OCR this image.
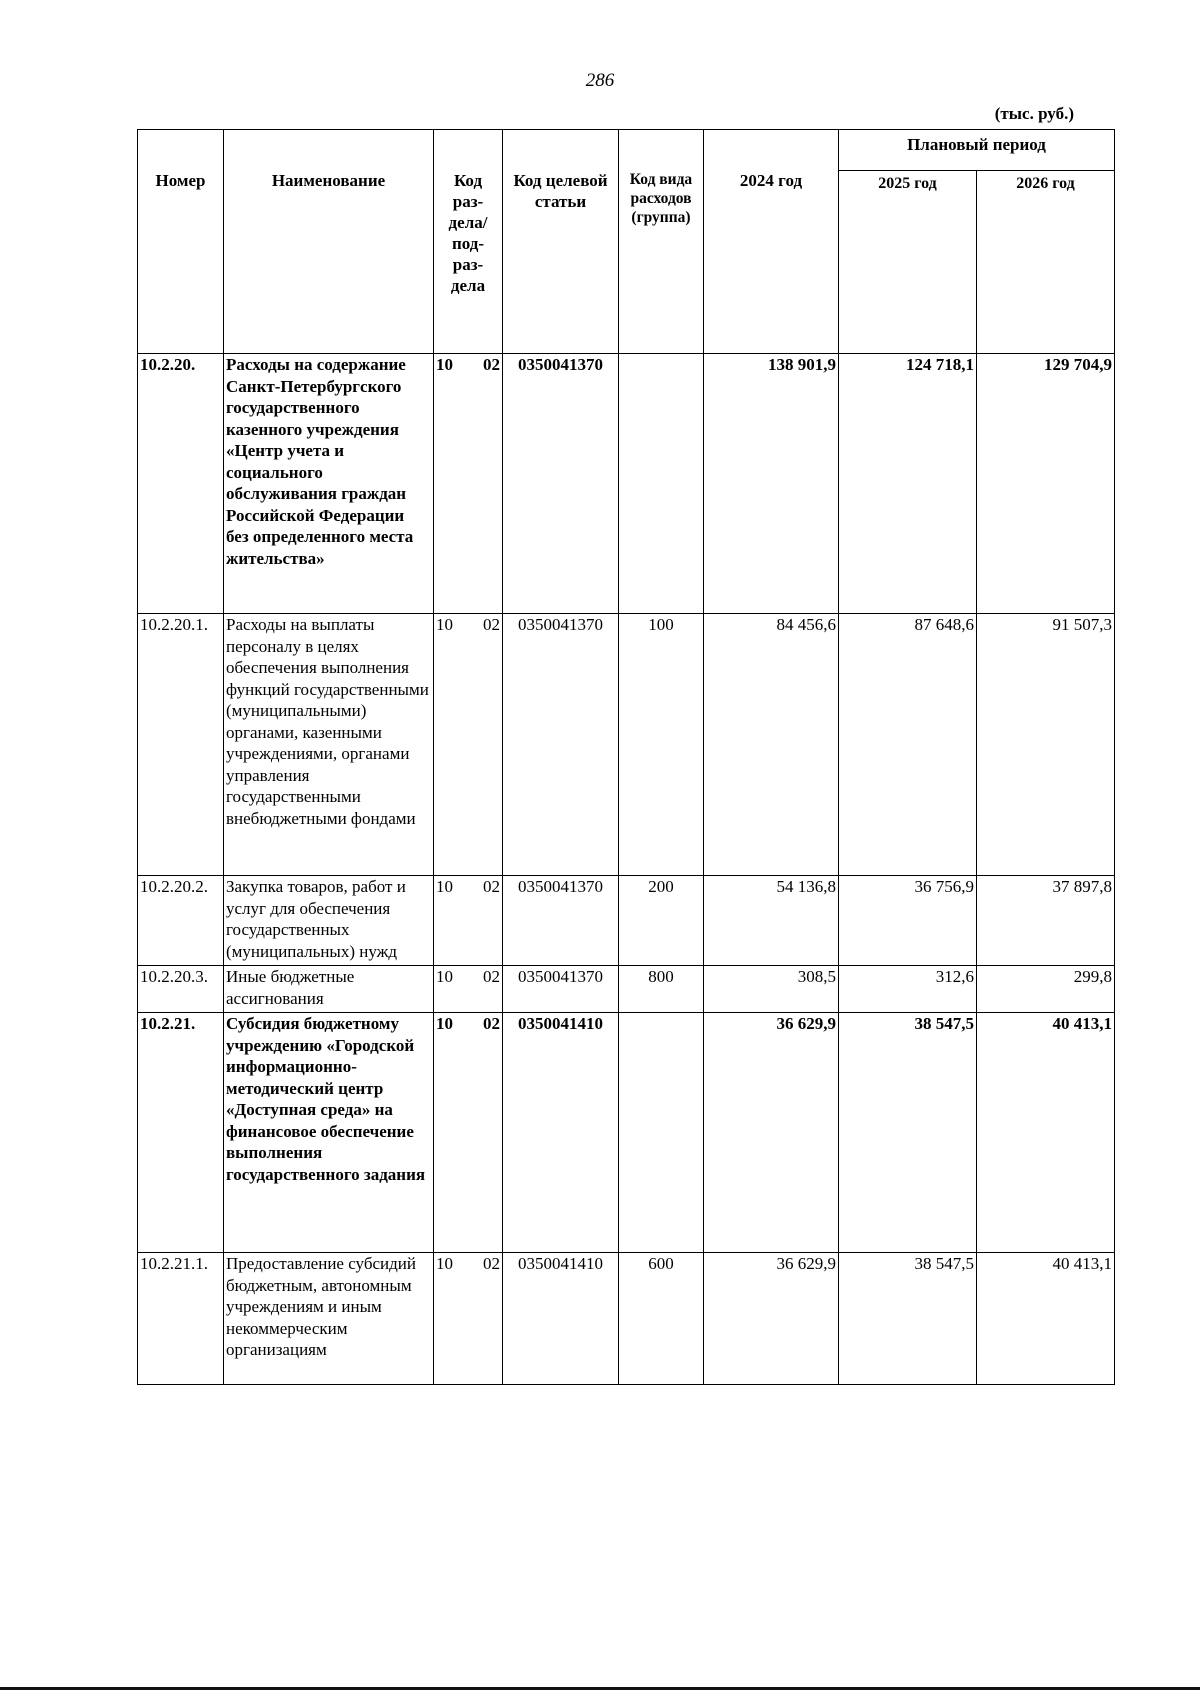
286
(тыс. руб.)
Номер	Наименование	Код раз-дела/ под-раз-дела	Код целевой статьи	Код вида расходов (группа)	2024 год	Плановый период	
						2025 год	2026 год
10.2.20.	Расходы на содержание Санкт-Петербургского государственного казенного учреждения «Центр учета и социального обслуживания граждан Российской Федерации без определенного места жительства»	10 02	0350041370		138 901,9	124 718,1	129 704,9
10.2.20.1.	Расходы на выплаты персоналу в целях обеспечения выполнения функций государственными (муниципальными) органами, казенными учреждениями, органами управления государственными внебюджетными фондами	10 02	0350041370	100	84 456,6	87 648,6	91 507,3
10.2.20.2.	Закупка товаров, работ и услуг для обеспечения государственных (муниципальных) нужд	10 02	0350041370	200	54 136,8	36 756,9	37 897,8
10.2.20.3.	Иные бюджетные ассигнования	10 02	0350041370	800	308,5	312,6	299,8
10.2.21.	Субсидия бюджетному учреждению «Городской информационно-методический центр «Доступная среда» на финансовое обеспечение выполнения государственного задания	10 02	0350041410		36 629,9	38 547,5	40 413,1
10.2.21.1.	Предоставление субсидий бюджетным, автономным учреждениям и иным некоммерческим организациям	10 02	0350041410	600	36 629,9	38 547,5	40 413,1
